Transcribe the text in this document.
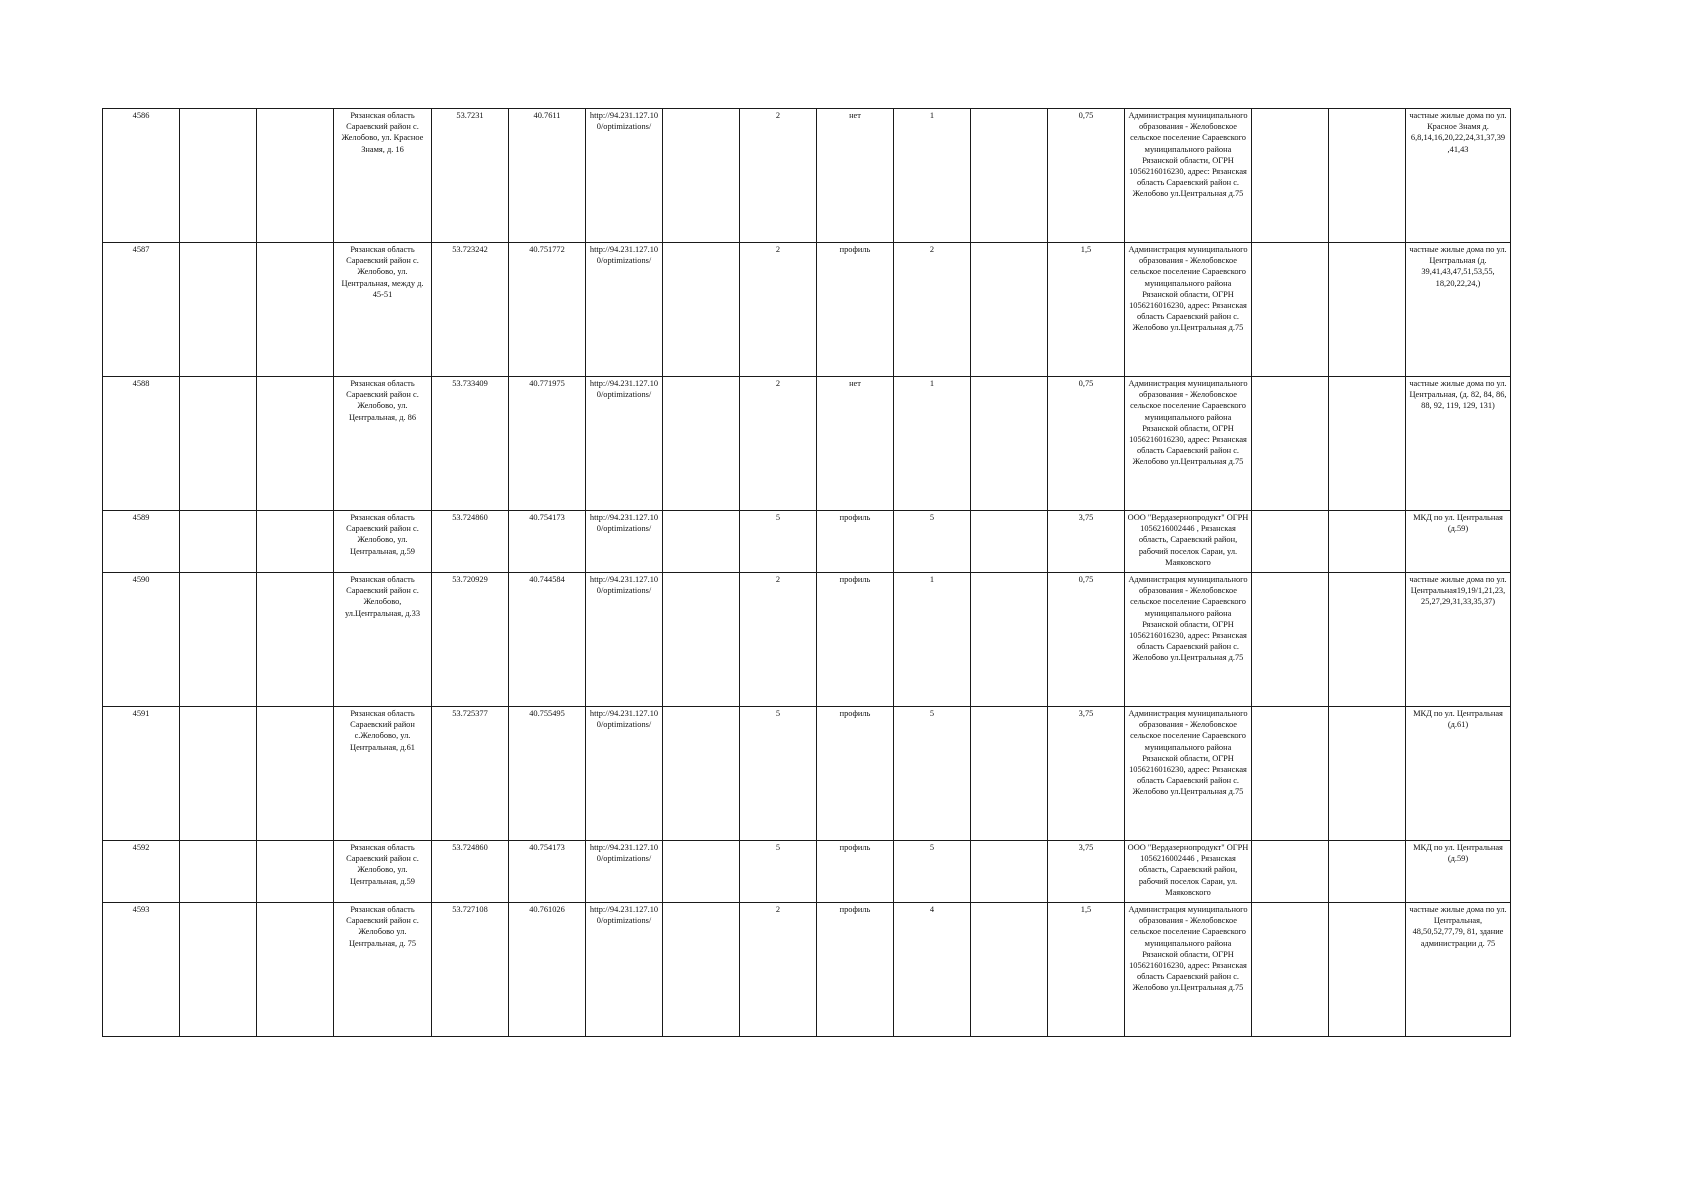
4586			Рязанская область Сараевский район с. Желобово, ул. Красное Знамя, д. 16	53.7231	40.7611	http://94.231.127.100/optimizations/		2	нет	1		0,75	Администрация муниципального образования - Желобовское сельское поселение Сараевского муниципального района Рязанской области, ОГРН 1056216016230, адрес: Рязанская область Сараевский район с. Желобово ул.Центральная д.75			частные жилые дома по ул. Красное Знамя д. 6,8,14,16,20,22,24,31,37,39 ,41,43
4587			Рязанская область Сараевский район с. Желобово, ул. Центральная, между д. 45-51	53.723242	40.751772	http://94.231.127.100/optimizations/		2	профиль	2		1,5	Администрация муниципального образования - Желобовское сельское поселение Сараевского муниципального района Рязанской области, ОГРН 1056216016230, адрес: Рязанская область Сараевский район с. Желобово ул.Центральная д.75			частные жилые дома по ул. Центральная (д. 39,41,43,47,51,53,55, 18,20,22,24,)
4588			Рязанская область Сараевский район с. Желобово, ул. Центральная, д. 86	53.733409	40.771975	http://94.231.127.100/optimizations/		2	нет	1		0,75	Администрация муниципального образования - Желобовское сельское поселение Сараевского муниципального района Рязанской области, ОГРН 1056216016230, адрес: Рязанская область Сараевский район с. Желобово ул.Центральная д.75			частные жилые дома по ул. Центральная, (д. 82, 84, 86, 88, 92, 119, 129, 131)
4589			Рязанская область Сараевский район с. Желобово, ул. Центральная, д.59	53.724860	40.754173	http://94.231.127.100/optimizations/		5	профиль	5		3,75	ООО "Вердазернопродукт" ОГРН 1056216002446 , Рязанская область, Сараевский район, рабочий поселок Сараи, ул. Маяковского			МКД по ул. Центральная (д.59)
4590			Рязанская область Сараевский район с. Желобово, ул.Центральная, д.33	53.720929	40.744584	http://94.231.127.100/optimizations/		2	профиль	1		0,75	Администрация муниципального образования - Желобовское сельское поселение Сараевского муниципального района Рязанской области, ОГРН 1056216016230, адрес: Рязанская область Сараевский район с. Желобово ул.Центральная д.75			частные жилые дома по ул. Центральная19,19/1,21,23, 25,27,29,31,33,35,37)
4591			Рязанская область Сараевский район с.Желобово, ул. Центральная, д.61	53.725377	40.755495	http://94.231.127.100/optimizations/		5	профиль	5		3,75	Администрация муниципального образования - Желобовское сельское поселение Сараевского муниципального района Рязанской области, ОГРН 1056216016230, адрес: Рязанская область Сараевский район с. Желобово ул.Центральная д.75			МКД по ул. Центральная (д.61)
4592			Рязанская область Сараевский район с. Желобово, ул. Центральная, д.59	53.724860	40.754173	http://94.231.127.100/optimizations/		5	профиль	5		3,75	ООО "Вердазернопродукт" ОГРН 1056216002446 , Рязанская область, Сараевский район, рабочий поселок Сараи, ул. Маяковского			МКД по ул. Центральная (д.59)
4593			Рязанская область Сараевский район с. Желобово ул. Центральная, д. 75	53.727108	40.761026	http://94.231.127.100/optimizations/		2	профиль	4		1,5	Администрация муниципального образования - Желобовское сельское поселение Сараевского муниципального района Рязанской области, ОГРН 1056216016230, адрес: Рязанская область Сараевский район с. Желобово ул.Центральная д.75			частные жилые дома по ул. Центральная, 48,50,52,77,79, 81, здание администрации д. 75
